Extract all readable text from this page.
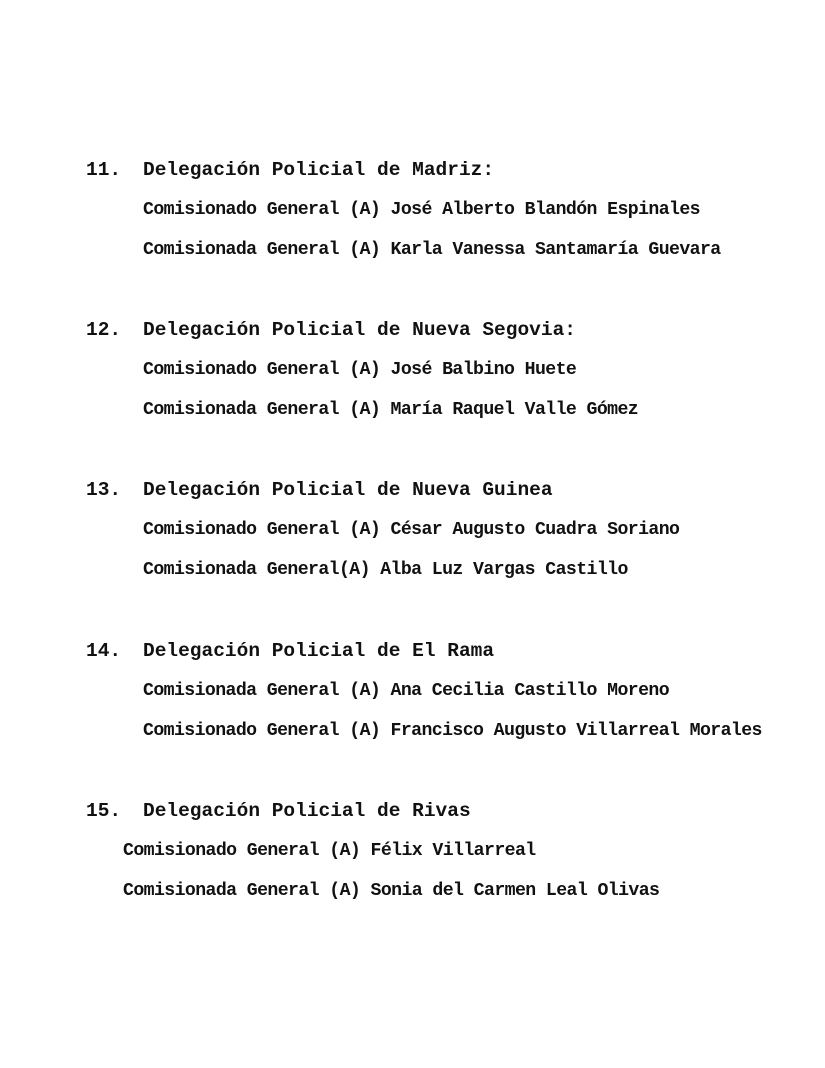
11. Delegación Policial de Madriz:
Comisionado General (A) José Alberto Blandón Espinales
Comisionada General (A) Karla Vanessa Santamaría Guevara
12. Delegación Policial de Nueva Segovia:
Comisionado General (A) José Balbino Huete
Comisionada General (A) María Raquel Valle Gómez
13. Delegación Policial de Nueva Guinea
Comisionado General (A) César Augusto Cuadra Soriano
Comisionada General(A) Alba Luz Vargas Castillo
14. Delegación Policial de El Rama
Comisionada General (A) Ana Cecilia Castillo Moreno
Comisionado General (A) Francisco Augusto Villarreal Morales
15. Delegación Policial de Rivas
Comisionado General (A) Félix Villarreal
Comisionada General (A) Sonia del Carmen Leal Olivas
